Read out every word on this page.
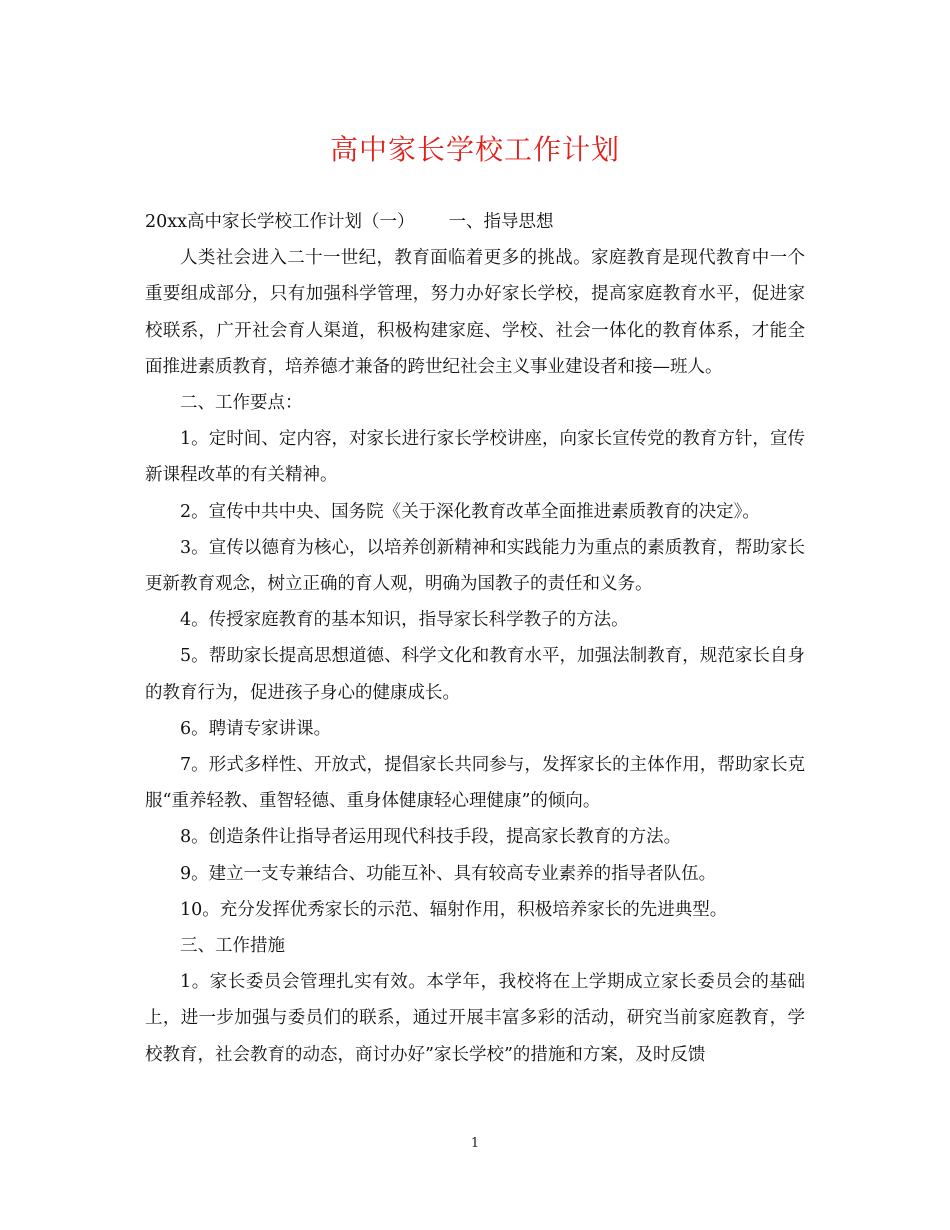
高中家长学校工作计划

20xx高中家长学校工作计划（一） 一、指导思想

人类社会进入二十一世纪，教育面临着更多的挑战。家庭教育是现代教育中一个重要组成部分，只有加强科学管理，努力办好家长学校，提高家庭教育水平，促进家校联系，广开社会育人渠道，积极构建家庭、学校、社会一体化的教育体系，才能全面推进素质教育，培养德才兼备的跨世纪社会主义事业建设者和接—班人。

二、工作要点：

1。定时间、定内容，对家长进行家长学校讲座，向家长宣传党的教育方针，宣传新课程改革的有关精神。

2。宣传中共中央、国务院《关于深化教育改革全面推进素质教育的决定》。

3。宣传以德育为核心，以培养创新精神和实践能力为重点的素质教育，帮助家长更新教育观念，树立正确的育人观，明确为国教子的责任和义务。

4。传授家庭教育的基本知识，指导家长科学教子的方法。

5。帮助家长提高思想道德、科学文化和教育水平，加强法制教育，规范家长自身的教育行为，促进孩子身心的健康成长。

6。聘请专家讲课。

7。形式多样性、开放式，提倡家长共同参与，发挥家长的主体作用，帮助家长克服“重养轻教、重智轻德、重身体健康轻心理健康”的倾向。

8。创造条件让指导者运用现代科技手段，提高家长教育的方法。

9。建立一支专兼结合、功能互补、具有较高专业素养的指导者队伍。

10。充分发挥优秀家长的示范、辐射作用，积极培养家长的先进典型。

三、工作措施

1。家长委员会管理扎实有效。本学年，我校将在上学期成立家长委员会的基础上，进一步加强与委员们的联系，通过开展丰富多彩的活动，研究当前家庭教育，学校教育，社会教育的动态，商讨办好”家长学校”的措施和方案，及时反馈

1
